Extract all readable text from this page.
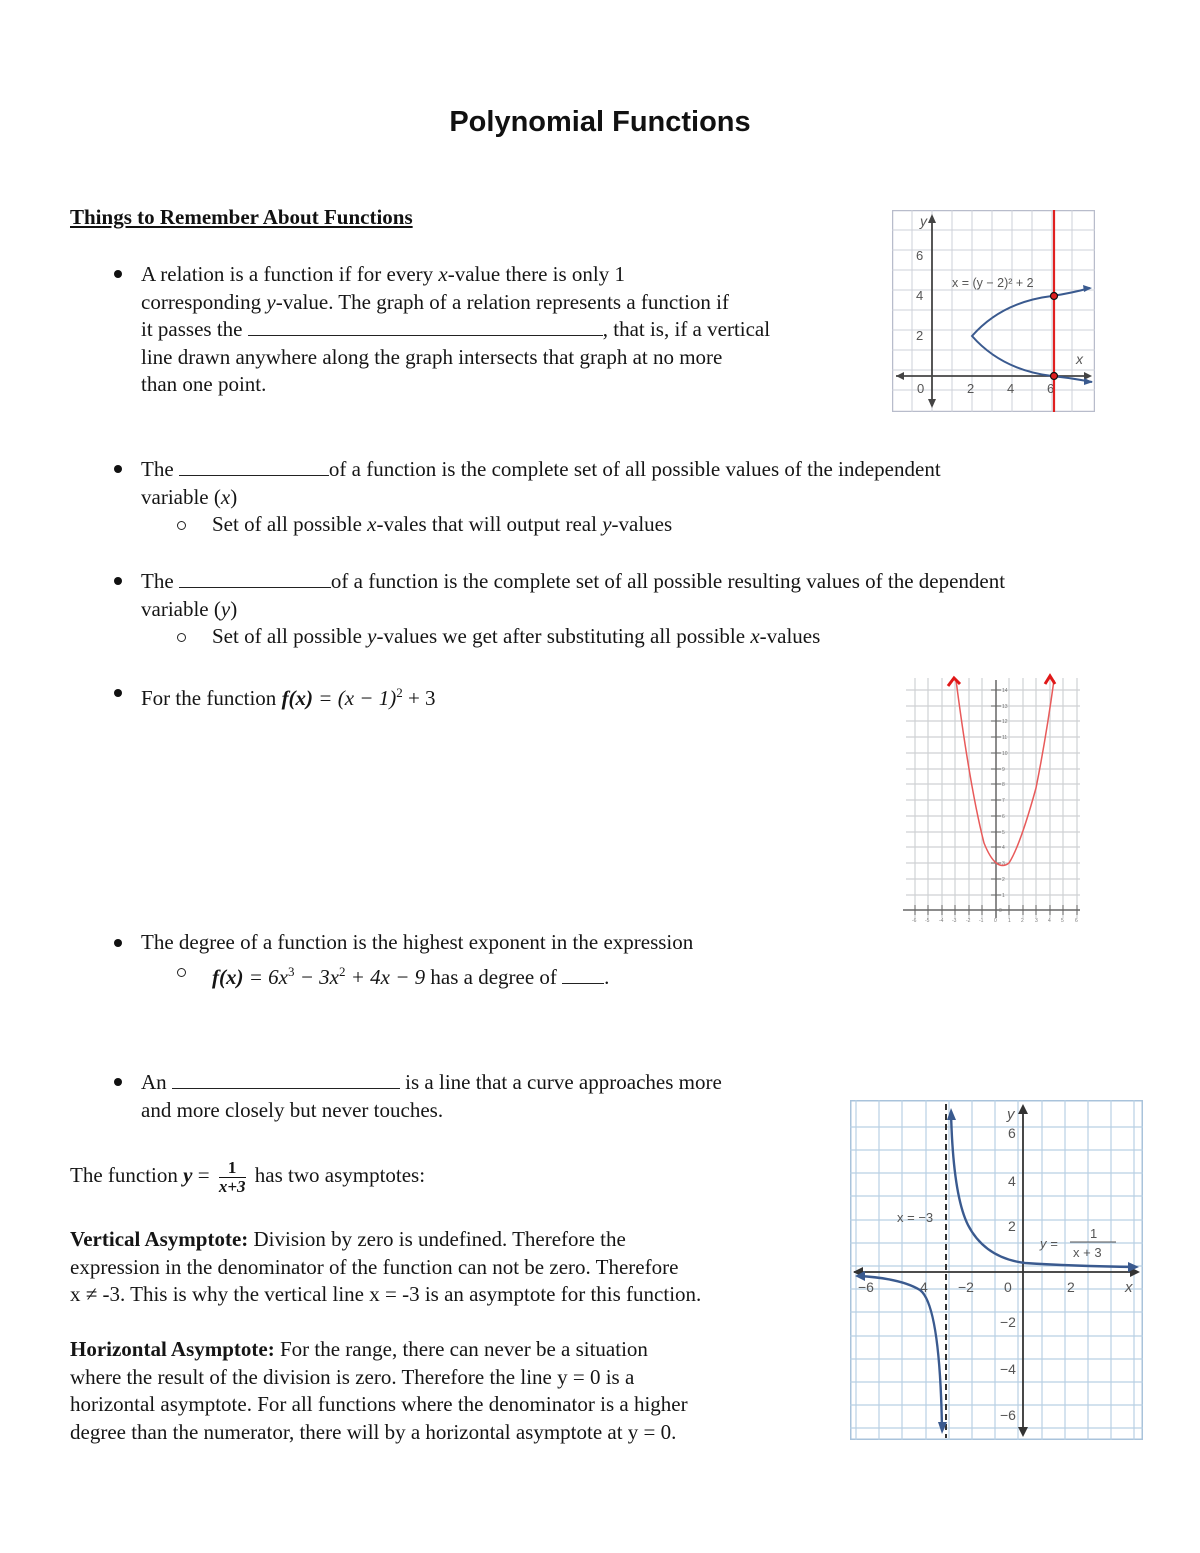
Polynomial Functions
Things to Remember About Functions
A relation is a function if for every x-value there is only 1
corresponding y-value. The graph of a relation represents a function if
it passes the	, that is, if a vertical
line drawn anywhere along the graph intersects that graph at no more
than one point.
y
x
6
4
2
0	2	4	6
x = (y − 2)² + 2
The	of a function is the complete set of all possible values of the independent
variable (x)
Set of all possible x-vales that will output real y-values
The	of a function is the complete set of all possible resulting values of the dependent
variable (y)
Set of all possible y-values we get after substituting all possible x-values
For the function $f(x) = (x - 1)^2 + 3$	14
13
12
11
10
9
8
7
6
5
4
3
2
1
0
-6 -5 -4 -3 -2 -1 0 1 2 3 4 5 6
The degree of a function is the highest exponent in the expression
$f(x) = 6x^3 - 3x^2 + 4x - 9$ has a degree of .
An	is a line that a curve approaches more
and more closely but never touches.
The function $y = \frac{1}{x+3}$ has two asymptotes:
Vertical Asymptote: Division by zero is undefined. Therefore the
expression in the denominator of the function can not be zero. Therefore
x ≠ -3. This is why the vertical line x = -3 is an asymptote for this function.
Horizontal Asymptote: For the range, there can never be a situation
where the result of the division is zero. Therefore the line y = 0 is a
horizontal asymptote. For all functions where the denominator is a higher
degree than the numerator, there will by a horizontal asymptote at y = 0.
y
6
4
2
−2
−4
−6
−6	4 −2 0	2	x
x = −3
y =
1
x + 3
